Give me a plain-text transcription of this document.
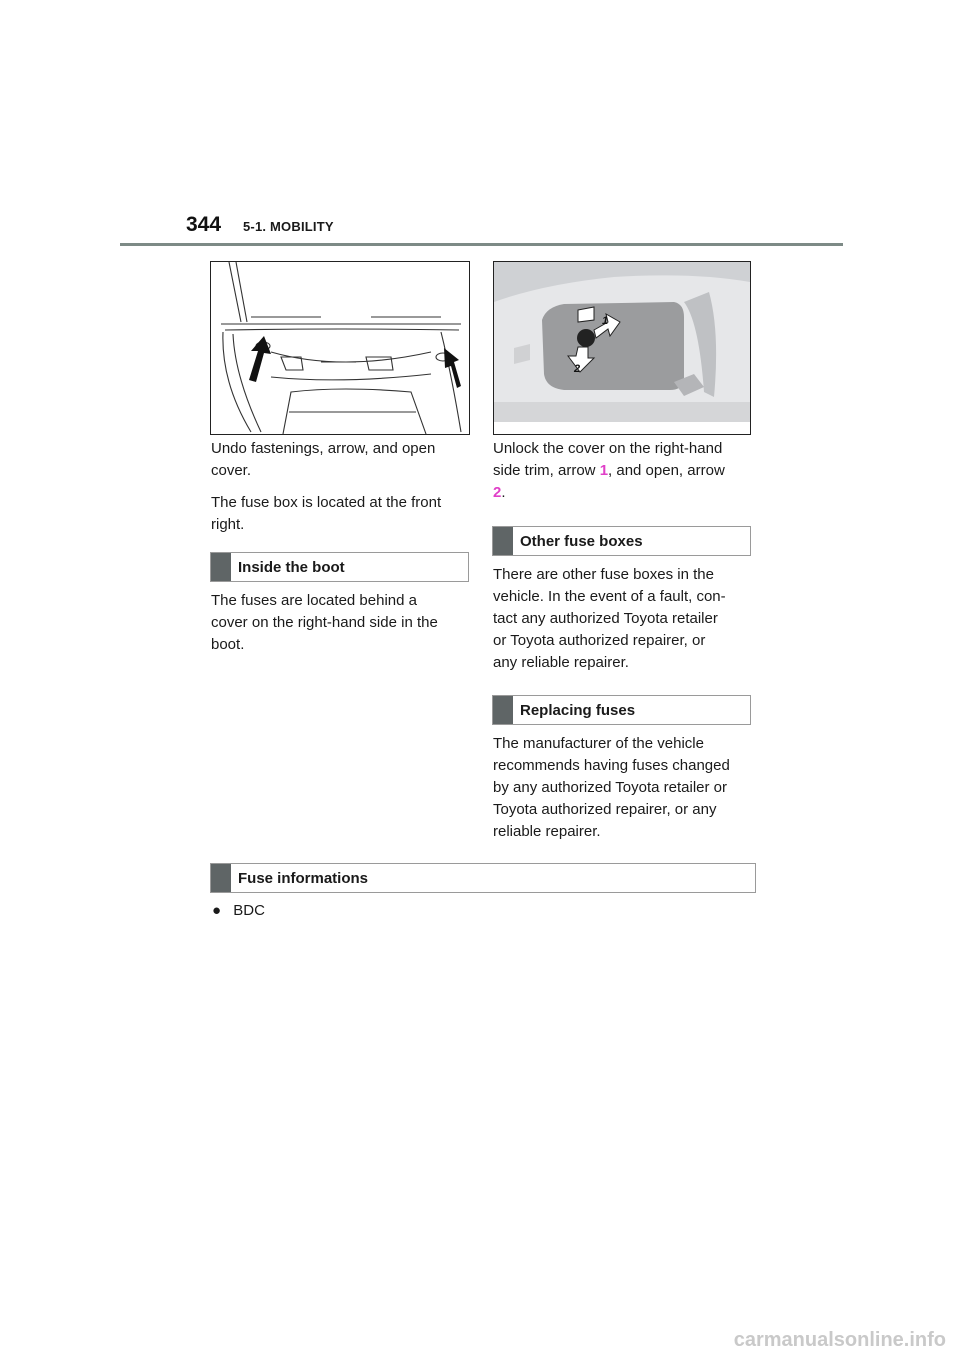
344 5-1. MOBILITY
1
2

Undo fastenings, arrow, and open

cover.

The fuse box is located at the front

right.

Inside the boot

The fuses are located behind a

cover on the right-hand side in the

boot.

Unlock the cover on the right-hand

side trim, arrow 1, and open, arrow

2.

Other fuse boxes

There are other fuse boxes in the

vehicle. In the event of a fault, con-

tact any authorized Toyota retailer

or Toyota authorized repairer, or

any reliable repairer.

Replacing fuses

The manufacturer of the vehicle

recommends having fuses changed

by any authorized Toyota retailer or

Toyota authorized repairer, or any

reliable repairer.

Fuse informations
● BDC
carmanualsonline.info
